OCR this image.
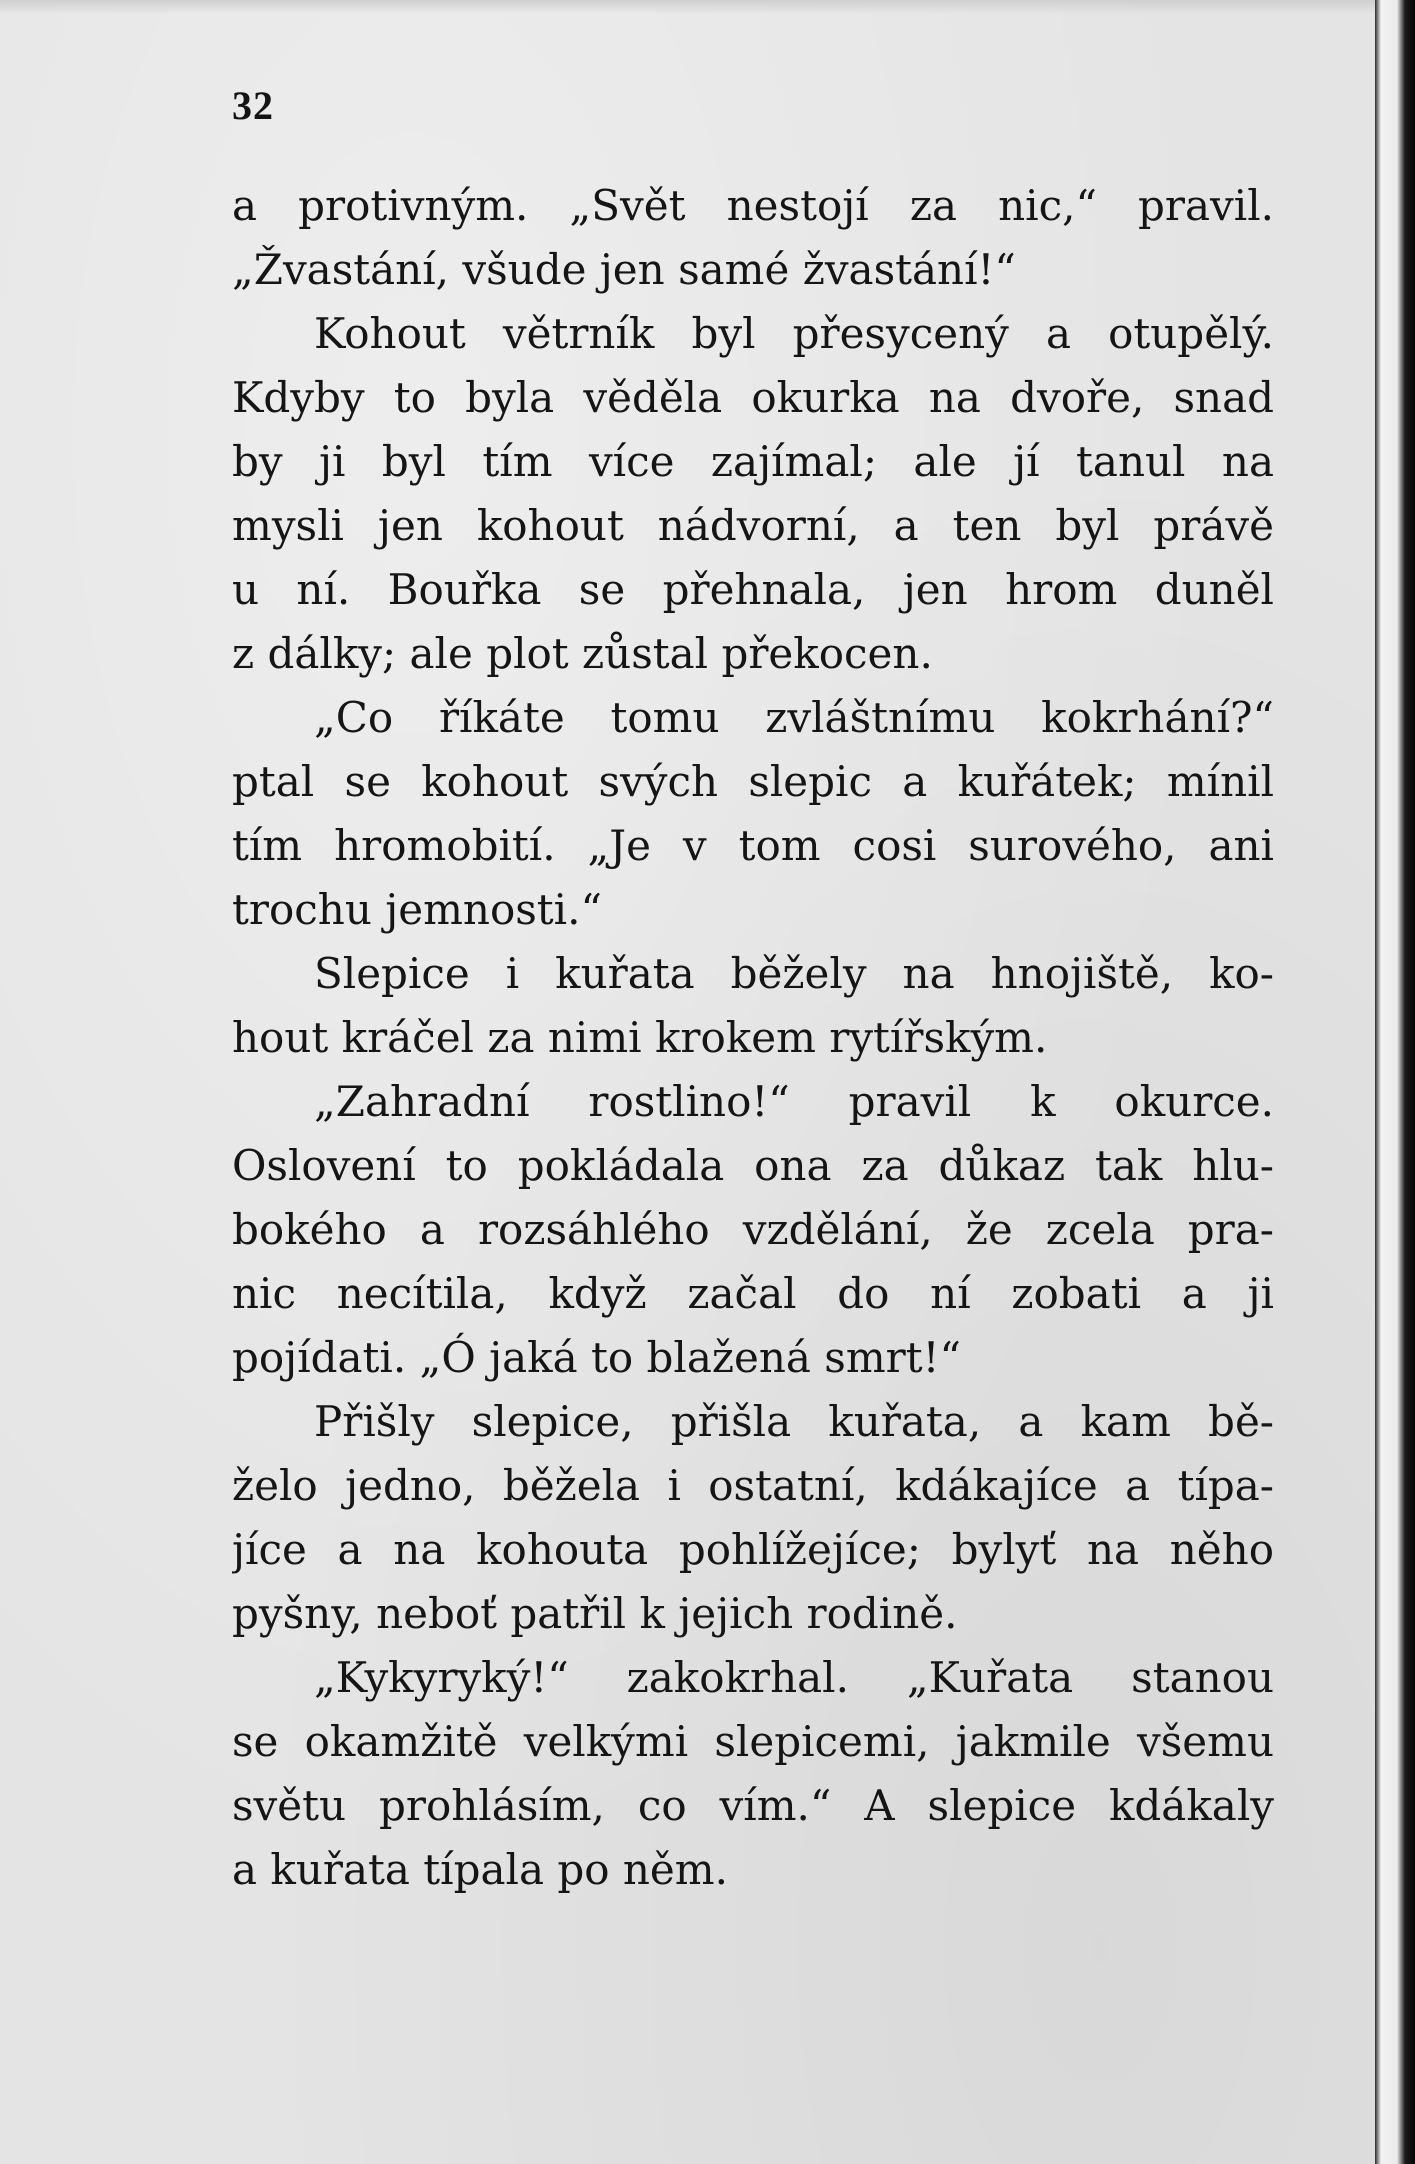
32
a protivným. „Svět nestojí za nic,“ pravil.
„Žvastání, všude jen samé žvastání!“
Kohout větrník byl přesycený a otupělý.
Kdyby to byla věděla okurka na dvoře, snad
by ji byl tím více zajímal; ale jí tanul na
mysli jen kohout nádvorní, a ten byl právě
u ní. Bouřka se přehnala, jen hrom duněl
z dálky; ale plot zůstal překocen.
„Co říkáte tomu zvláštnímu kokrhání?“
ptal se kohout svých slepic a kuřátek; mínil
tím hromobití. „Je v tom cosi surového, ani
trochu jemnosti.“
Slepice i kuřata běžely na hnojiště, ko-
hout kráčel za nimi krokem rytířským.
„Zahradní rostlino!“ pravil k okurce.
Oslovení to pokládala ona za důkaz tak hlu-
bokého a rozsáhlého vzdělání, že zcela pra-
nic necítila, když začal do ní zobati a ji
pojídati. „Ó jaká to blažená smrt!“
Přišly slepice, přišla kuřata, a kam bě-
želo jedno, běžela i ostatní, kdákajíce a típa-
jíce a na kohouta pohlížejíce; bylyť na něho
pyšny, neboť patřil k jejich rodině.
„Kykyryký!“ zakokrhal. „Kuřata stanou
se okamžitě velkými slepicemi, jakmile všemu
světu prohlásím, co vím.“ A slepice kdákaly
a kuřata típala po něm.
